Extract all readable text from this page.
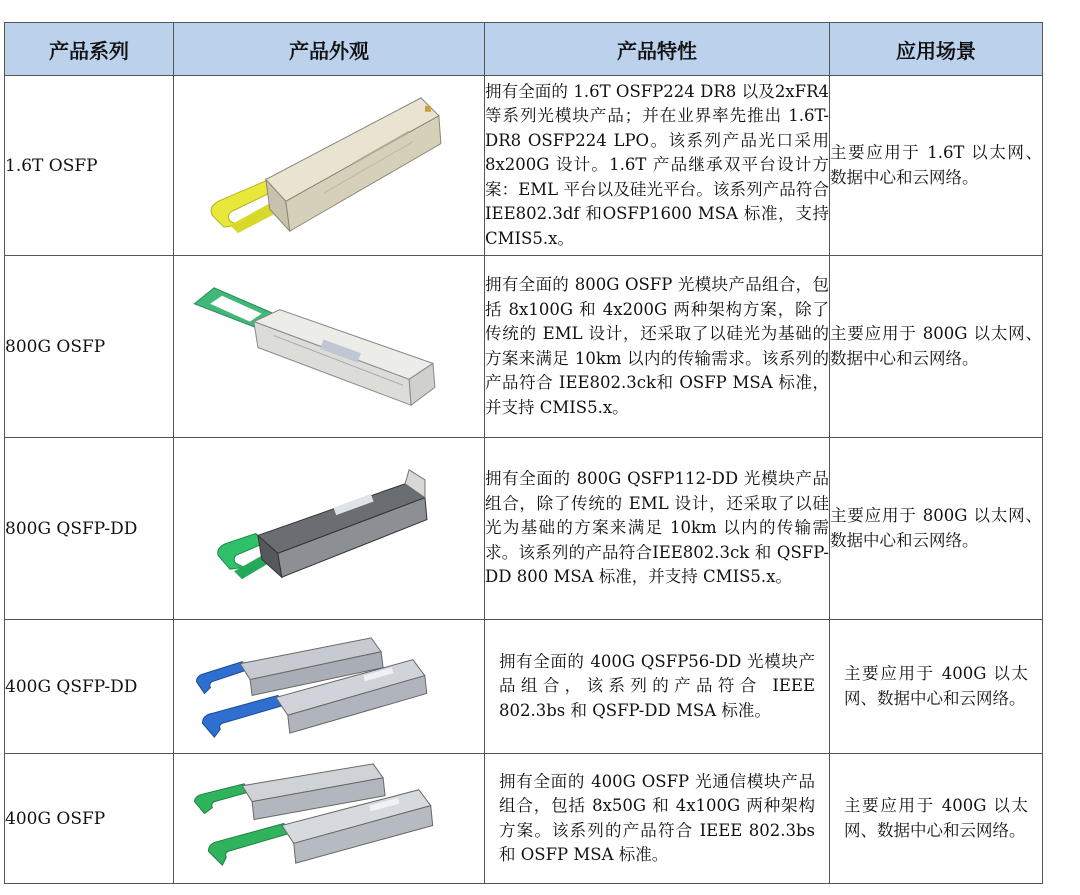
产品系列	产品外观	产品特性	应用场景
1.6T OSFP		拥有全面的 1.6T OSFP224 DR8 以及2xFR4 等系列光模块产品；并在业界率先推出 1.6T-DR8 OSFP224 LPO。该系列产品光口采用 8x200G 设计。1.6T 产品继承双平台设计方案：EML 平台以及硅光平台。该系列产品符合 IEE802.3df 和OSFP1600 MSA 标准，支持 CMIS5.x。	主要应用于 1.6T 以太网、数据中心和云网络。
800G OSFP		拥有全面的 800G OSFP 光模块产品组合，包括 8x100G 和 4x200G 两种架构方案，除了传统的 EML 设计，还采取了以硅光为基础的方案来满足 10km 以内的传输需求。该系列的产品符合 IEE802.3ck和 OSFP MSA 标准，并支持 CMIS5.x。	主要应用于 800G 以太网、数据中心和云网络。
800G QSFP-DD		拥有全面的 800G QSFP112-DD 光模块产品组合，除了传统的 EML 设计，还采取了以硅光为基础的方案来满足 10km 以内的传输需求。该系列的产品符合IEE802.3ck 和 QSFP-DD 800 MSA 标准，并支持 CMIS5.x。	主要应用于 800G 以太网、数据中心和云网络。
400G QSFP-DD		拥有全面的 400G QSFP56-DD 光模块产品组合，该系列的产品符合 IEEE 802.3bs 和 QSFP-DD MSA 标准。	主要应用于 400G 以太网、数据中心和云网络。
400G OSFP		拥有全面的 400G OSFP 光通信模块产品组合，包括 8x50G 和 4x100G 两种架构方案。该系列的产品符合 IEEE 802.3bs 和 OSFP MSA 标准。	主要应用于 400G 以太网、数据中心和云网络。
